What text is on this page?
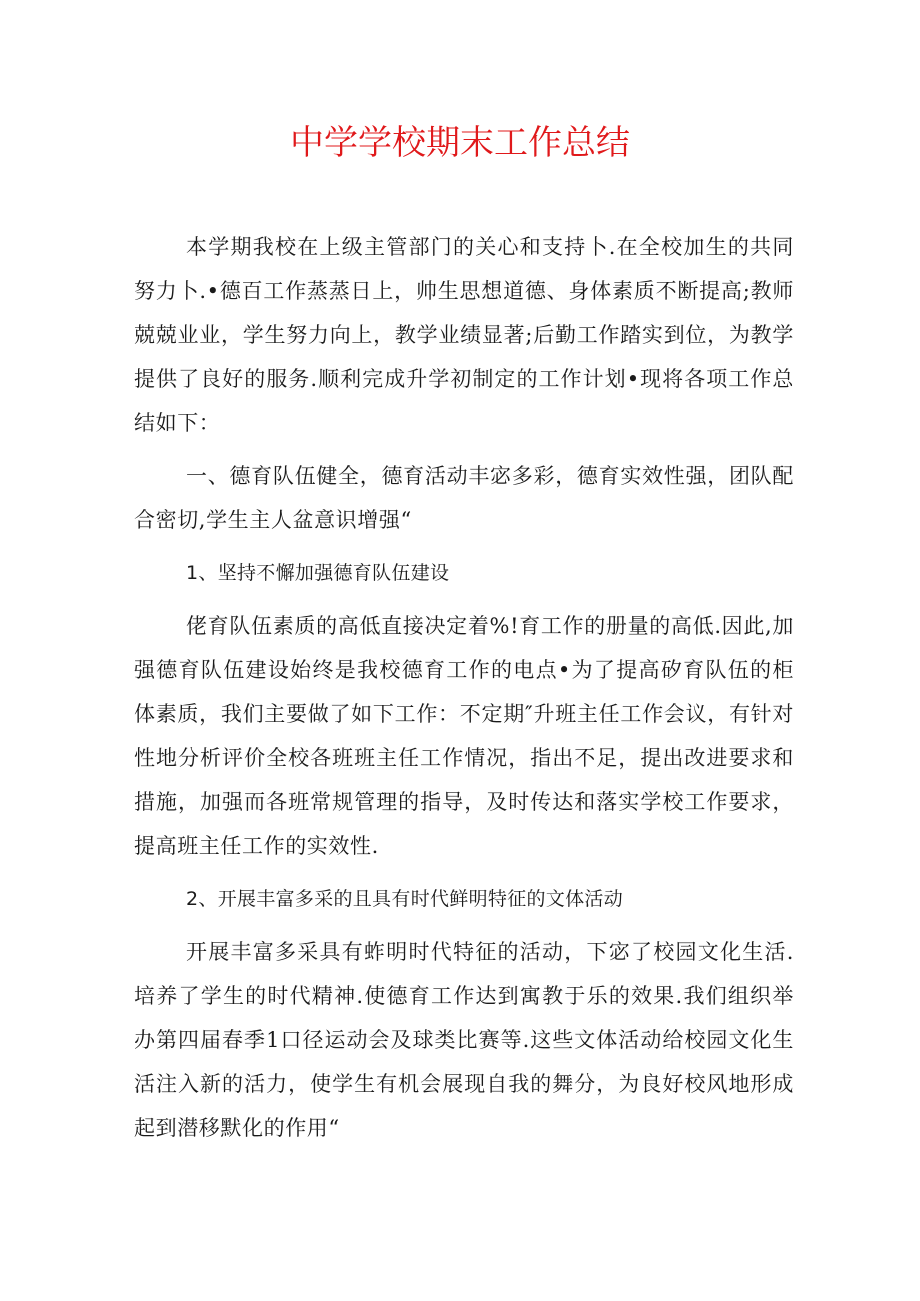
中学学校期末工作总结

本学期我校在上级主管部门的关心和支持卜.在全校加生的共同努力卜.•德百工作蒸蒸日上，帅生思想道德、身体素质不断提高;教师兢兢业业，学生努力向上，教学业绩显著;后勤工作踏实到位，为教学提供了良好的服务.顺利完成升学初制定的工作计划•现将各项工作总结如下：

一、德育队伍健全，德育活动丰宓多彩，德育实效性强，团队配合密切,学生主人盆意识增强“

1、坚持不懈加强德育队伍建设

佬育队伍素质的高低直接决定着%!育工作的册量的高低.因此,加强德育队伍建设始终是我校德育工作的电点•为了提高矽育队伍的柜体素质，我们主要做了如下工作：不定期″升班主任工作会议，有针对性地分析评价全校各班班主任工作情况，指出不足，提出改进要求和措施，加强而各班常规管理的指导，及时传达和落实学校工作要求，提高班主任工作的实效性.

2、开展丰富多采的且具有时代鲜明特征的文体活动

开展丰富多采具有蚱明时代特征的活动，下宓了校园文化生活.培养了学生的时代精神.使德育工作达到寓教于乐的效果.我们组织举办第四届春季1口径运动会及球类比赛等.这些文体活动给校园文化生活注入新的活力，使学生有机会展现自我的舞分，为良好校风地形成起到潜移默化的作用“
